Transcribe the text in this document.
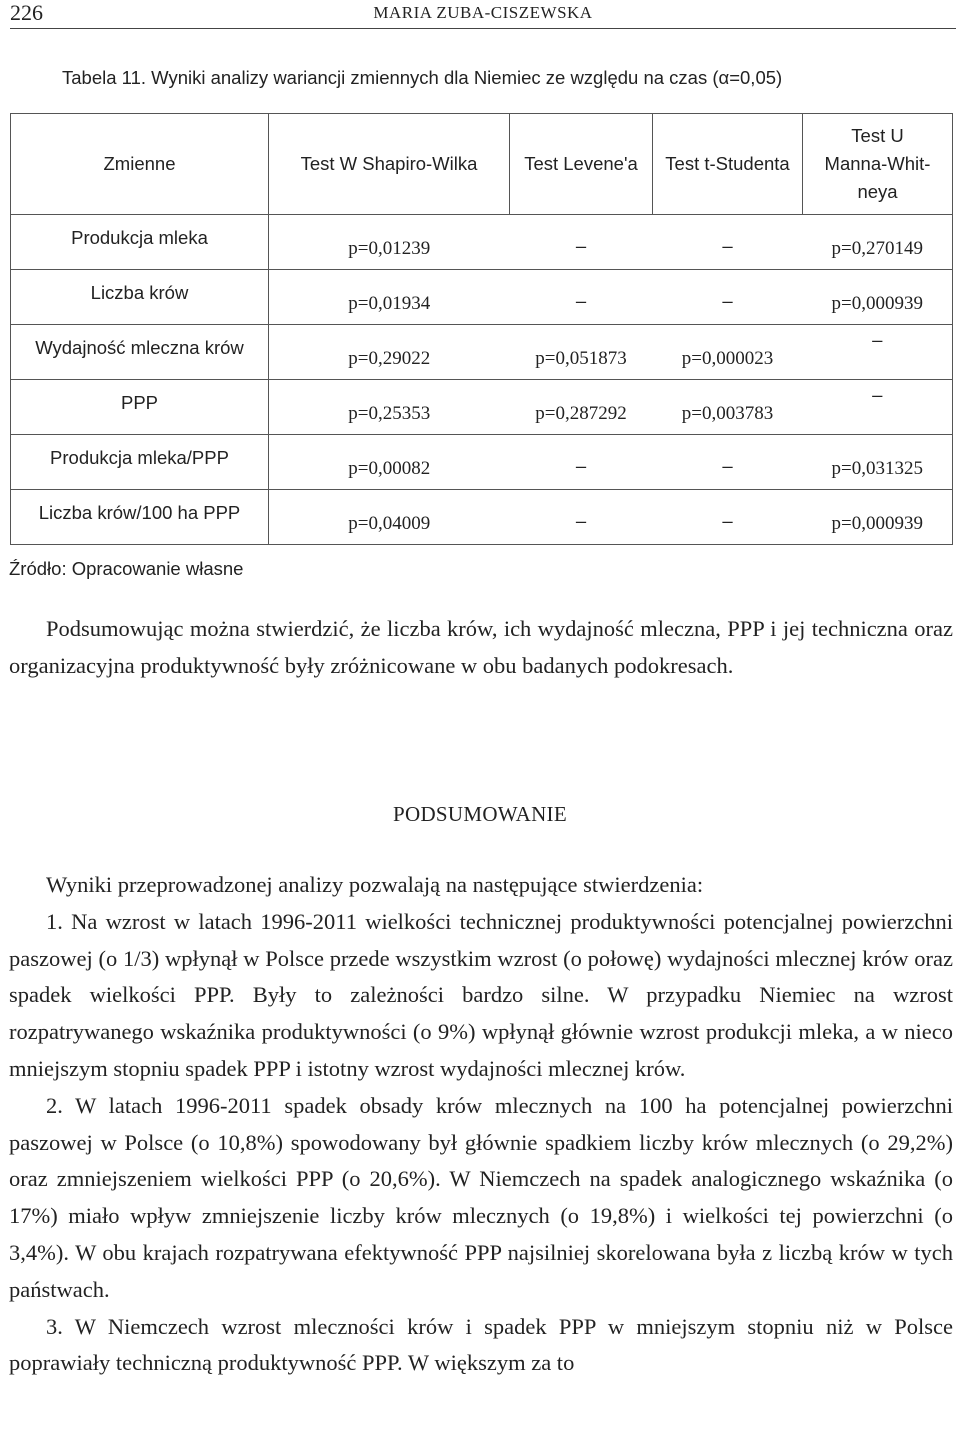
226	MARIA ZUBA-CISZEWSKA
Tabela 11. Wyniki analizy wariancji zmiennych dla Niemiec ze względu na czas (α=0,05)
Zmienne	Test W Shapiro-Wilka	Test Levene'a	Test t-Studenta	Test U
Manna-Whit-
neya
Produkcja mleka	p=0,01239	–	–	p=0,270149
Liczba krów	p=0,01934	–	–	p=0,000939
Wydajność mleczna krów	p=0,29022	p=0,051873	p=0,000023	–
PPP	p=0,25353	p=0,287292	p=0,003783	–
Produkcja mleka/PPP	p=0,00082	–	–	p=0,031325
Liczba krów/100 ha PPP	p=0,04009	–	–	p=0,000939
Źródło: Opracowanie własne

Podsumowując można stwierdzić, że liczba krów, ich wydajność mleczna, PPP i jej techniczna oraz organizacyjna produktywność były zróżnicowane w obu badanych podokresach.

PODSUMOWANIE

Wyniki przeprowadzonej analizy pozwalają na następujące stwierdzenia:

1. Na wzrost w latach 1996-2011 wielkości technicznej produktywności potencjalnej powierzchni paszowej (o 1/3) wpłynął w Polsce przede wszystkim wzrost (o połowę) wydajności mlecznej krów oraz spadek wielkości PPP. Były to zależności bardzo silne. W przypadku Niemiec na wzrost rozpatrywanego wskaźnika produktywności (o 9%) wpłynął głównie wzrost produkcji mleka, a w nieco mniejszym stopniu spadek PPP i istotny wzrost wydajności mlecznej krów.

2. W latach 1996-2011 spadek obsady krów mlecznych na 100 ha potencjalnej powierzchni paszowej w Polsce (o 10,8%) spowodowany był głównie spadkiem liczby krów mlecznych (o 29,2%) oraz zmniejszeniem wielkości PPP (o 20,6%). W Niemczech na spadek analogicznego wskaźnika (o 17%) miało wpływ zmniejszenie liczby krów mlecznych (o 19,8%) i wielkości tej powierzchni (o 3,4%). W obu krajach rozpatrywana efektywność PPP najsilniej skorelowana była z liczbą krów w tych państwach.

3. W Niemczech wzrost mleczności krów i spadek PPP w mniejszym stopniu niż w Polsce poprawiały techniczną produktywność PPP. W większym za to
